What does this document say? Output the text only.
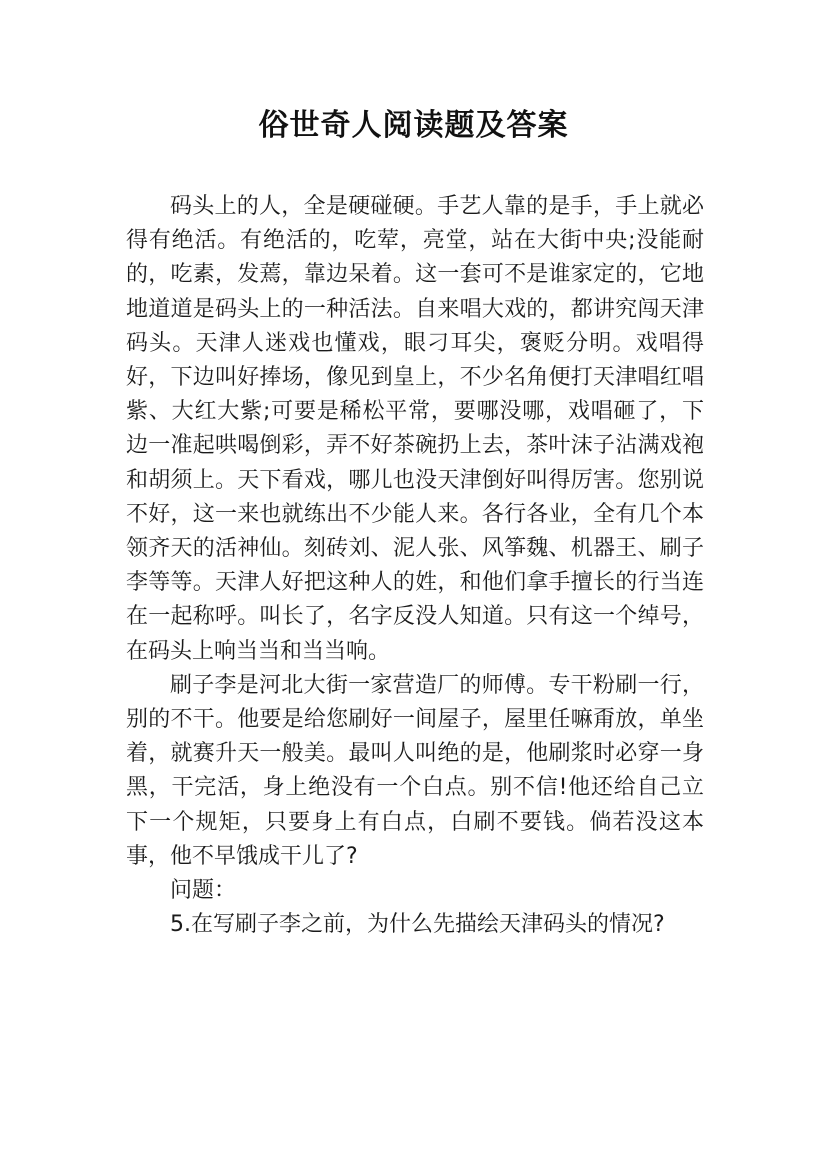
俗世奇人阅读题及答案

码头上的人，全是硬碰硬。手艺人靠的是手，手上就必得有绝活。有绝活的，吃荤，亮堂，站在大街中央;没能耐的，吃素，发蔫，靠边呆着。这一套可不是谁家定的，它地地道道是码头上的一种活法。自来唱大戏的，都讲究闯天津码头。天津人迷戏也懂戏，眼刁耳尖，褒贬分明。戏唱得好，下边叫好捧场，像见到皇上，不少名角便打天津唱红唱紫、大红大紫;可要是稀松平常，要哪没哪，戏唱砸了，下边一准起哄喝倒彩，弄不好茶碗扔上去，茶叶沫子沾满戏袍和胡须上。天下看戏，哪儿也没天津倒好叫得厉害。您别说不好，这一来也就练出不少能人来。各行各业，全有几个本领齐天的活神仙。刻砖刘、泥人张、风筝魏、机器王、刷子李等等。天津人好把这种人的姓，和他们拿手擅长的行当连在一起称呼。叫长了，名字反没人知道。只有这一个绰号，在码头上响当当和当当响。

刷子李是河北大街一家营造厂的师傅。专干粉刷一行，别的不干。他要是给您刷好一间屋子，屋里任嘛甭放，单坐着，就赛升天一般美。最叫人叫绝的是，他刷浆时必穿一身黑，干完活，身上绝没有一个白点。别不信!他还给自己立下一个规矩，只要身上有白点，白刷不要钱。倘若没这本事，他不早饿成干儿了?

问题：

5.在写刷子李之前，为什么先描绘天津码头的情况?
